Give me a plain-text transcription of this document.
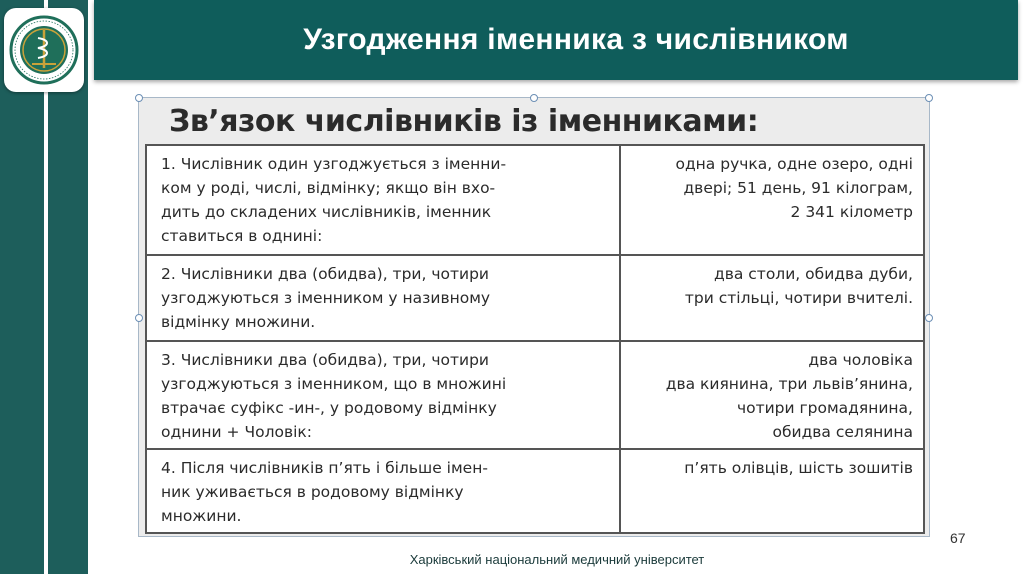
Узгодження іменника з числівником
Зв’язок числівників із іменниками:
1. Числівник один узгоджується з іменни-
ком у роді, числі, відмінку; якщо він вхо-
дить до складених числівників, іменник
ставиться в однині:	одна ручка, одне озеро, одні
двері; 51 день, 91 кілограм,
2 341 кілометр

2. Числівники два (обидва), три, чотири
узгоджуються з іменником у називному
відмінку множини.	два столи, обидва дуби,
три стільці, чотири вчителі.

3. Числівники два (обидва), три, чотири
узгоджуються з іменником, що в множині
втрачає суфікс -ин-, у родовому відмінку
однини + Чоловік:	два чоловіка
два киянина, три львів’янина,
чотири громадянина,
обидва селянина

4. Після числівників п’ять і більше імен-
ник уживається в родовому відмінку
множини.	п’ять олівців, шість зошитів
67
Харківський національний медичний університет
